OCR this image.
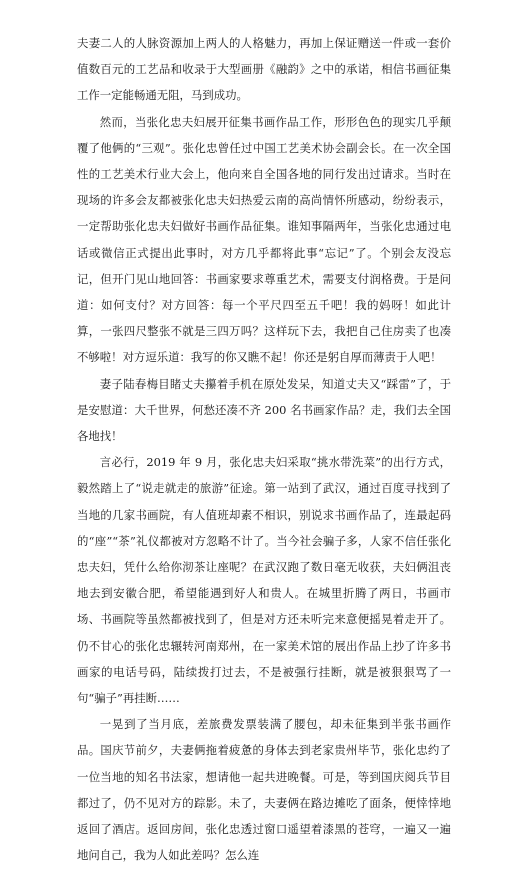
夫妻二人的人脉资源加上两人的人格魅力，再加上保证赠送一件或一套价值数百元的工艺品和收录于大型画册《融韵》之中的承诺，相信书画征集工作一定能畅通无阻，马到成功。

然而，当张化忠夫妇展开征集书画作品工作，形形色色的现实几乎颠覆了他俩的“三观”。张化忠曾任过中国工艺美术协会副会长。在一次全国性的工艺美术行业大会上，他向来自全国各地的同行发出过请求。当时在现场的许多会友都被张化忠夫妇热爱云南的高尚情怀所感动，纷纷表示，一定帮助张化忠夫妇做好书画作品征集。谁知事隔两年，当张化忠通过电话或微信正式提出此事时，对方几乎都将此事“忘记”了。个别会友没忘记，但开门见山地回答：书画家要求尊重艺术，需要支付润格费。于是问道：如何支付？对方回答：每一个平尺四至五千吧！我的妈呀！如此计算，一张四尺整张不就是三四万吗？这样玩下去，我把自己住房卖了也凑不够啦！对方逗乐道：我写的你又瞧不起！你还是躬自厚而薄责于人吧！

妻子陆春梅目睹丈夫攥着手机在原处发呆，知道丈夫又“踩雷”了，于是安慰道：大千世界，何愁还凑不齐 200 名书画家作品？走，我们去全国各地找！

言必行，2019 年 9 月，张化忠夫妇采取“挑水带洗菜”的出行方式，毅然踏上了“说走就走的旅游”征途。第一站到了武汉，通过百度寻找到了当地的几家书画院，有人值班却素不相识，别说求书画作品了，连最起码的“座”“茶”礼仪都被对方忽略不计了。当今社会骗子多，人家不信任张化忠夫妇，凭什么给你沏茶让座呢？在武汉跑了数日毫无收获，夫妇俩沮丧地去到安徽合肥，希望能遇到好人和贵人。在城里折腾了两日，书画市场、书画院等虽然都被找到了，但是对方还未听完来意便摇晃着走开了。仍不甘心的张化忠辗转河南郑州，在一家美术馆的展出作品上抄了许多书画家的电话号码，陆续拨打过去，不是被强行挂断，就是被狠狠骂了一句“骗子”再挂断……

一晃到了当月底，差旅费发票装满了腰包，却未征集到半张书画作品。国庆节前夕，夫妻俩拖着疲惫的身体去到老家贵州毕节，张化忠约了一位当地的知名书法家，想请他一起共进晚餐。可是，等到国庆阅兵节目都过了，仍不见对方的踪影。未了，夫妻俩在路边摊吃了面条，便悻悻地返回了酒店。返回房间，张化忠透过窗口遥望着漆黑的苍穹，一遍又一遍地问自己，我为人如此差吗？怎么连
